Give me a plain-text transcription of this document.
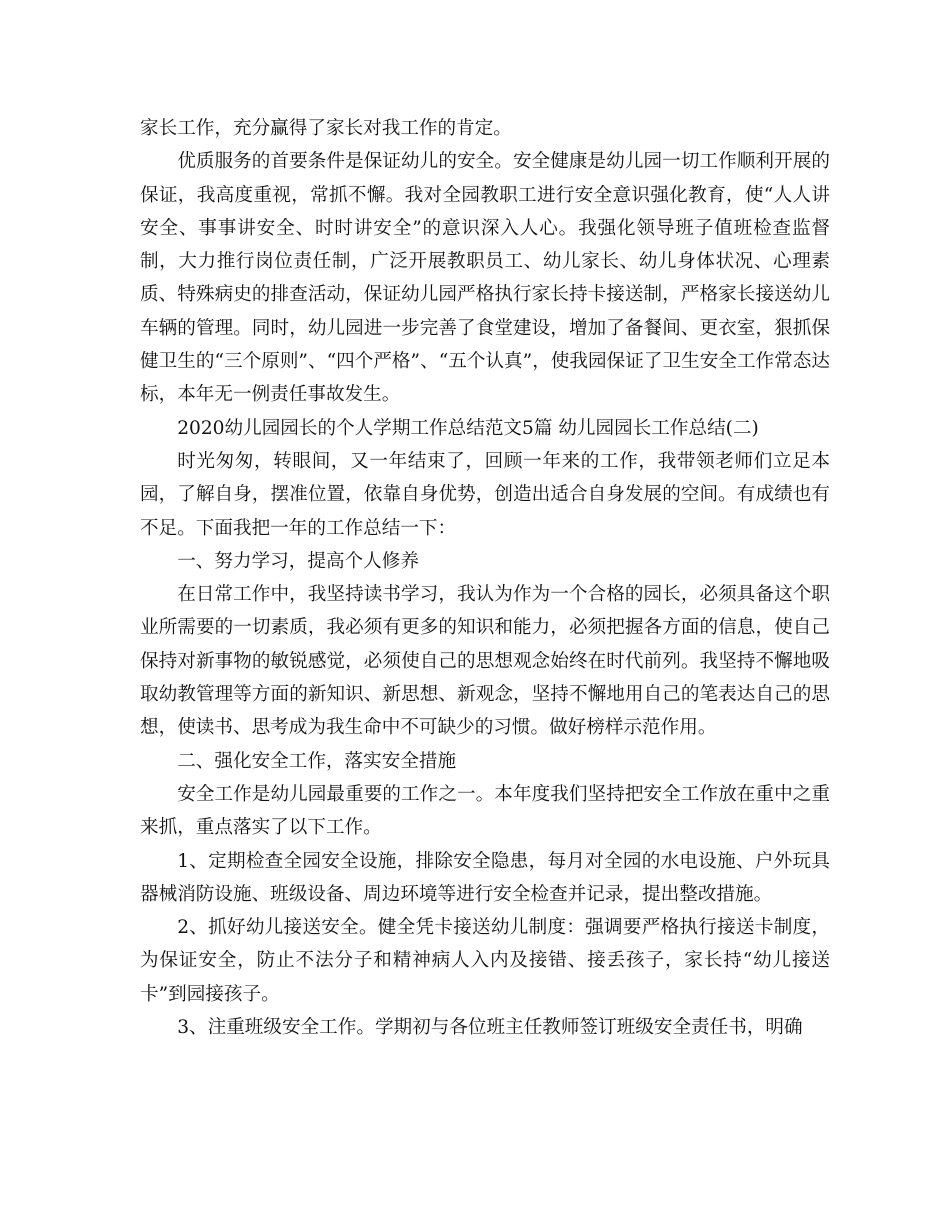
家长工作，充分赢得了家长对我工作的肯定。

优质服务的首要条件是保证幼儿的安全。安全健康是幼儿园一切工作顺利开展的保证，我高度重视，常抓不懈。我对全园教职工进行安全意识强化教育，使“人人讲安全、事事讲安全、时时讲安全”的意识深入人心。我强化领导班子值班检查监督制，大力推行岗位责任制，广泛开展教职员工、幼儿家长、幼儿身体状况、心理素质、特殊病史的排查活动，保证幼儿园严格执行家长持卡接送制，严格家长接送幼儿车辆的管理。同时，幼儿园进一步完善了食堂建设，增加了备餐间、更衣室，狠抓保健卫生的“三个原则”、“四个严格”、“五个认真”，使我园保证了卫生安全工作常态达标，本年无一例责任事故发生。

2020幼儿园园长的个人学期工作总结范文5篇 幼儿园园长工作总结(二)

时光匆匆，转眼间，又一年结束了，回顾一年来的工作，我带领老师们立足本园，了解自身，摆准位置，依靠自身优势，创造出适合自身发展的空间。有成绩也有不足。下面我把一年的工作总结一下：

一、努力学习，提高个人修养

在日常工作中，我坚持读书学习，我认为作为一个合格的园长，必须具备这个职业所需要的一切素质，我必须有更多的知识和能力，必须把握各方面的信息，使自己保持对新事物的敏锐感觉，必须使自己的思想观念始终在时代前列。我坚持不懈地吸取幼教管理等方面的新知识、新思想、新观念，坚持不懈地用自己的笔表达自己的思想，使读书、思考成为我生命中不可缺少的习惯。做好榜样示范作用。

二、强化安全工作，落实安全措施

安全工作是幼儿园最重要的工作之一。本年度我们坚持把安全工作放在重中之重来抓，重点落实了以下工作。

1、定期检查全园安全设施，排除安全隐患，每月对全园的水电设施、户外玩具器械消防设施、班级设备、周边环境等进行安全检查并记录，提出整改措施。

2、抓好幼儿接送安全。健全凭卡接送幼儿制度：强调要严格执行接送卡制度，为保证安全，防止不法分子和精神病人入内及接错、接丢孩子，家长持“幼儿接送卡”到园接孩子。

3、注重班级安全工作。学期初与各位班主任教师签订班级安全责任书，明确
